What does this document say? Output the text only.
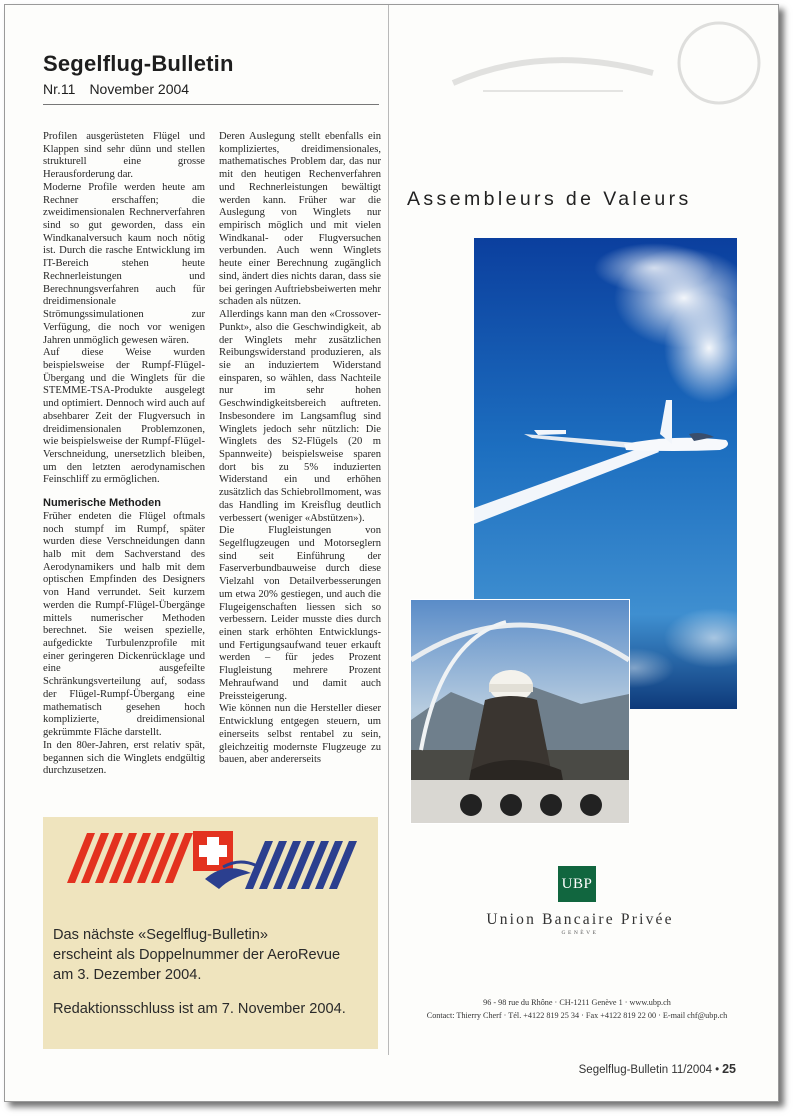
Segelflug-Bulletin
Nr.11 November 2004

Profilen ausgerüsteten Flügel und Klappen sind sehr dünn und stellen strukturell eine grosse Herausforderung dar.

Moderne Profile werden heute am Rechner erschaffen; die zweidimensionalen Rechnerverfahren sind so gut geworden, dass ein Windkanalversuch kaum noch nötig ist. Durch die rasche Entwicklung im IT-Bereich stehen heute Rechnerleistungen und Berechnungsverfahren auch für dreidimensionale Strömungssimulationen zur Verfügung, die noch vor wenigen Jahren unmöglich gewesen wären.

Auf diese Weise wurden beispielsweise der Rumpf-Flügel-Übergang und die Winglets für die STEMME-TSA-Produkte ausgelegt und optimiert. Dennoch wird auch auf absehbarer Zeit der Flugversuch in dreidimensionalen Problemzonen, wie beispielsweise der Rumpf-Flügel-Verschneidung, unersetzlich bleiben, um den letzten aerodynamischen Feinschliff zu ermöglichen.

Numerische Methoden

Früher endeten die Flügel oftmals noch stumpf im Rumpf, später wurden diese Verschneidungen dann halb mit dem Sachverstand des Aerodynamikers und halb mit dem optischen Empfinden des Designers von Hand verrundet. Seit kurzem werden die Rumpf-Flügel-Übergänge mittels numerischer Methoden berechnet. Sie weisen spezielle, aufgedickte Turbulenzprofile mit einer geringeren Dickenrücklage und eine ausgefeilte Schränkungsverteilung auf, sodass der Flügel-Rumpf-Übergang eine mathematisch gesehen hoch komplizierte, dreidimensional gekrümmte Fläche darstellt.

In den 80er-Jahren, erst relativ spät, begannen sich die Winglets endgültig durchzusetzen.

Deren Auslegung stellt ebenfalls ein kompliziertes, dreidimensionales, mathematisches Problem dar, das nur mit den heutigen Rechenverfahren und Rechnerleistungen bewältigt werden kann. Früher war die Auslegung von Winglets nur empirisch möglich und mit vielen Windkanal- oder Flugversuchen verbunden. Auch wenn Winglets heute einer Berechnung zugänglich sind, ändert dies nichts daran, dass sie bei geringen Auftriebsbeiwerten mehr schaden als nützen.

Allerdings kann man den «Crossover-Punkt», also die Geschwindigkeit, ab der Winglets mehr zusätzlichen Reibungswiderstand produzieren, als sie an induziertem Widerstand einsparen, so wählen, dass Nachteile nur im sehr hohen Geschwindigkeitsbereich auftreten. Insbesondere im Langsamflug sind Winglets jedoch sehr nützlich: Die Winglets des S2-Flügels (20 m Spannweite) beispielsweise sparen dort bis zu 5% induzierten Widerstand ein und erhöhen zusätzlich das Schiebrollmoment, was das Handling im Kreisflug deutlich verbessert (weniger «Abstützen»).

Die Flugleistungen von Segelflugzeugen und Motorseglern sind seit Einführung der Faserverbundbauweise durch diese Vielzahl von Detailverbesserungen um etwa 20% gestiegen, und auch die Flugeigenschaften liessen sich so verbessern. Leider musste dies durch einen stark erhöhten Entwicklungs- und Fertigungsaufwand teuer erkauft werden – für jedes Prozent Flugleistung mehrere Prozent Mehraufwand und damit auch Preissteigerung.

Wie können nun die Hersteller dieser Entwicklung entgegen steuern, um einerseits selbst rentabel zu sein, gleichzeitig modernste Flugzeuge zu bauen, aber andererseits

Das nächste «Segelflug-Bulletin»

erscheint als Doppelnummer der AeroRevue

am 3. Dezember 2004.

Redaktionsschluss ist am 7. November 2004.

Assembleurs de Valeurs
UBP
Union Bancaire Privée
GENÈVE
96 - 98 rue du Rhône · CH-1211 Genève 1 · www.ubp.ch
Contact: Thierry Cherf · Tél. +4122 819 25 34 · Fax +4122 819 22 00 · E-mail chf@ubp.ch
Segelflug-Bulletin 11/2004 • 25
